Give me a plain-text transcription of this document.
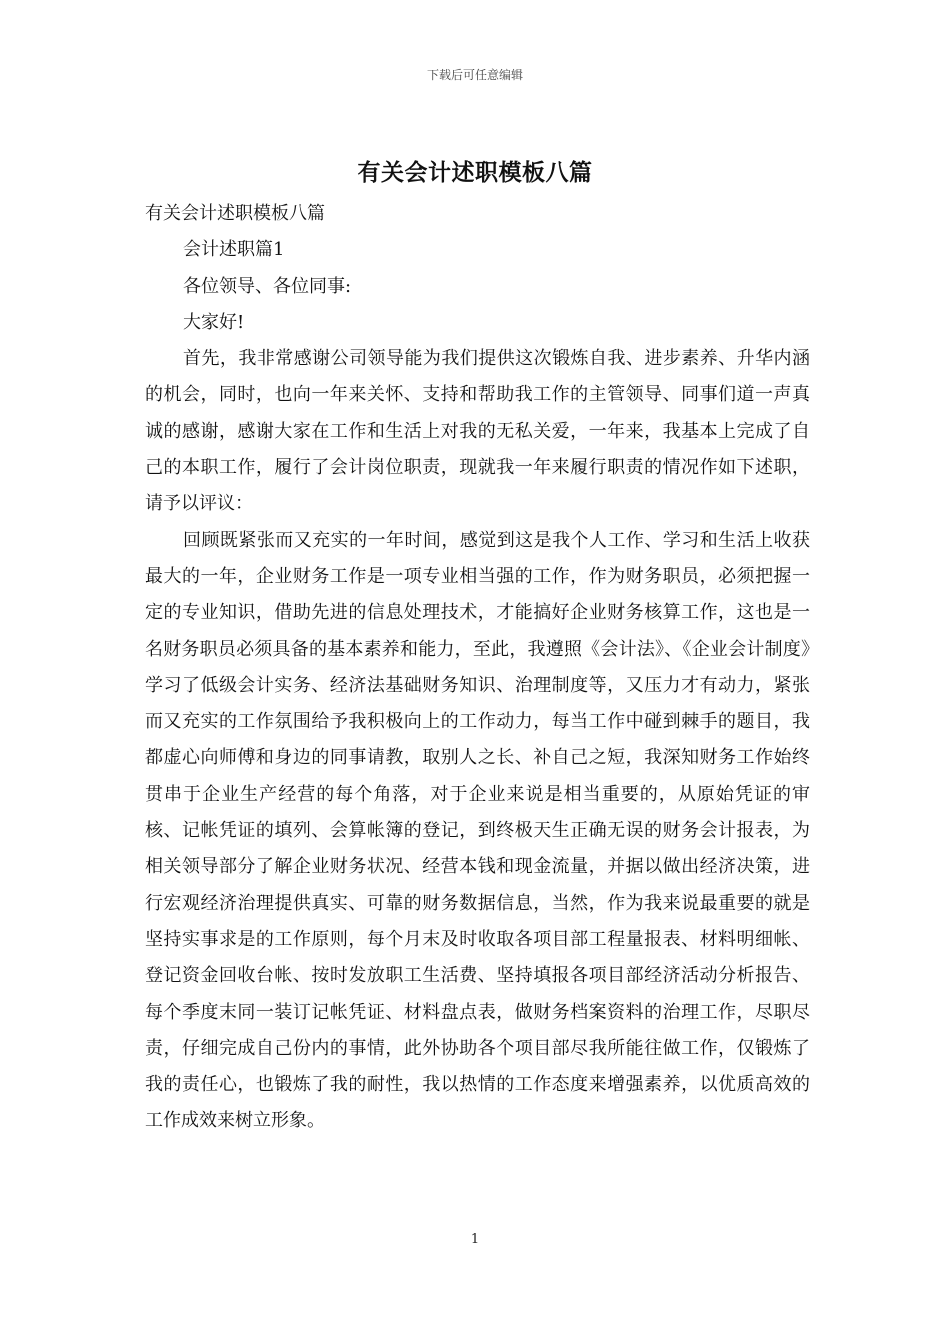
下载后可任意编辑
有关会计述职模板八篇

有关会计述职模板八篇

会计述职篇1

各位领导、各位同事:

大家好!

首先，我非常感谢公司领导能为我们提供这次锻炼自我、进步素养、升华内涵的机会，同时，也向一年来关怀、支持和帮助我工作的主管领导、同事们道一声真诚的感谢，感谢大家在工作和生活上对我的无私关爱，一年来，我基本上完成了自己的本职工作，履行了会计岗位职责，现就我一年来履行职责的情况作如下述职，请予以评议：

回顾既紧张而又充实的一年时间，感觉到这是我个人工作、学习和生活上收获最大的一年，企业财务工作是一项专业相当强的工作，作为财务职员，必须把握一定的专业知识，借助先进的信息处理技术，才能搞好企业财务核算工作，这也是一名财务职员必须具备的基本素养和能力，至此，我遵照《会计法》、《企业会计制度》学习了低级会计实务、经济法基础财务知识、治理制度等，又压力才有动力，紧张而又充实的工作氛围给予我积极向上的工作动力，每当工作中碰到棘手的题目，我都虚心向师傅和身边的同事请教，取别人之长、补自己之短，我深知财务工作始终贯串于企业生产经营的每个角落，对于企业来说是相当重要的，从原始凭证的审核、记帐凭证的填列、会算帐簿的登记，到终极天生正确无误的财务会计报表，为相关领导部分了解企业财务状况、经营本钱和现金流量，并据以做出经济决策，进行宏观经济治理提供真实、可靠的财务数据信息，当然，作为我来说最重要的就是坚持实事求是的工作原则，每个月末及时收取各项目部工程量报表、材料明细帐、登记资金回收台帐、按时发放职工生活费、坚持填报各项目部经济活动分析报告、每个季度末同一装订记帐凭证、材料盘点表，做财务档案资料的治理工作，尽职尽责，仔细完成自己份内的事情，此外协助各个项目部尽我所能往做工作，仅锻炼了我的责任心，也锻炼了我的耐性，我以热情的工作态度来增强素养，以优质高效的工作成效来树立形象。

1
